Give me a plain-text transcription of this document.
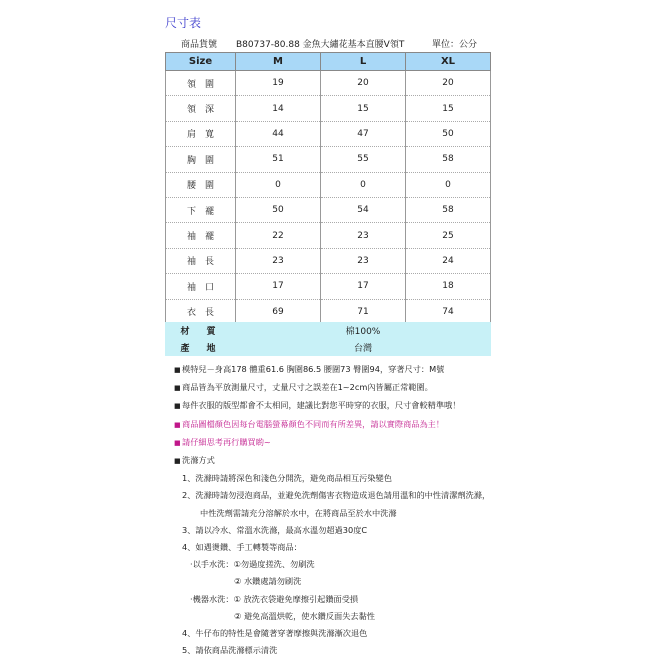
尺寸表
商品貨號 B80737-80.88 金魚大繡花基本直腰V領T	單位：公分
Size	M	L	XL
領　圍	19	20	20
領　深	14	15	15
肩　寬	44	47	50
胸　圍	51	55	58
腰　圍	0	0	0
下　襬	50	54	58
袖　襬	22	23	25
袖　長	23	23	24
袖　口	17	17	18
衣　長	69	71	74
材　質	棉100%
產　地	台灣
■模特兒－身高178 體重61.6 胸圍86.5 腰圍73 臀圍94，穿著尺寸：M號
■商品皆為平放測量尺寸，丈量尺寸之誤差在1~2cm內皆屬正常範圍。
■每件衣服的版型都會不太相同，建議比對您平時穿的衣服，尺寸會較精準哦！
■商品圖檔顏色因每台電腦螢幕顏色不同而有所差異，請以實際商品為主！
■請仔細思考再行購買喲~
■洗滌方式
1、洗滌時請將深色和淺色分開洗，避免商品相互污染變色
2、洗滌時請勿浸泡商品，並避免洗劑傷害衣物造成退色請用溫和的中性清潔劑洗滌，
中性洗劑需請充分溶解於水中，在將商品至於水中洗滌
3、請以冷水、常溫水洗滌，最高水溫勿超過30度C
4、如遇燙鑽、手工轉製等商品：
‧以手水洗：①勿過度搓洗、勿刷洗
② 水鑽處請勿刷洗
‧機器水洗：① 放洗衣袋避免摩擦引起鑽面受損
② 避免高溫烘乾，使水鑽反面失去黏性
4、牛仔布的特性是會隨著穿著摩擦與洗滌漸次退色
5、請依商品洗滌標示清洗
